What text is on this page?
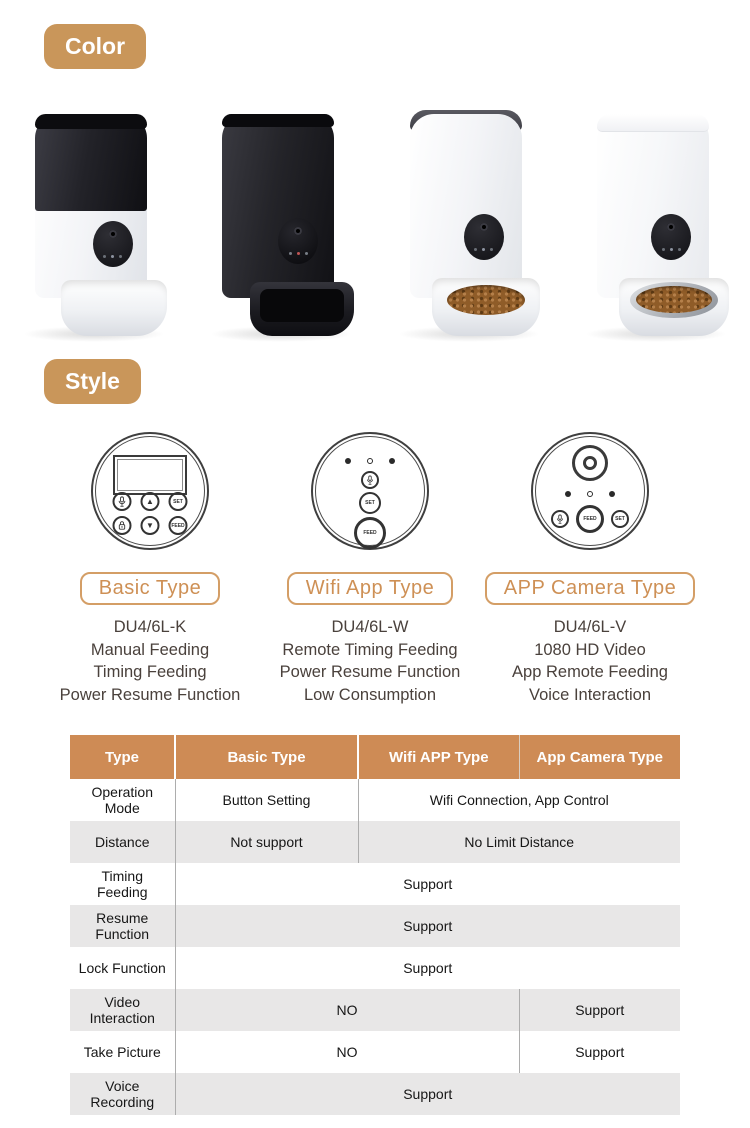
Color
Style
▲	SET
▼	FEED
Basic Type
DU4/6L-K
Manual Feeding
Timing Feeding
Power Resume Function
SET
FEED
Wifi App Type
DU4/6L-W
Remote Timing Feeding
Power Resume Function
Low Consumption
FEED	SET
APP Camera Type
DU4/6L-V
1080 HD Video
App Remote Feeding
Voice Interaction
Type	Basic Type	Wifi APP Type	App Camera Type
Operation Mode	Button Setting	Wifi Connection, App Control	
Distance	Not support	No Limit Distance	
Timing Feeding	Support		
Resume Function	Support		
Lock Function	Support		
Video Interaction	NO		Support
Take Picture	NO		Support
Voice Recording	Support		
